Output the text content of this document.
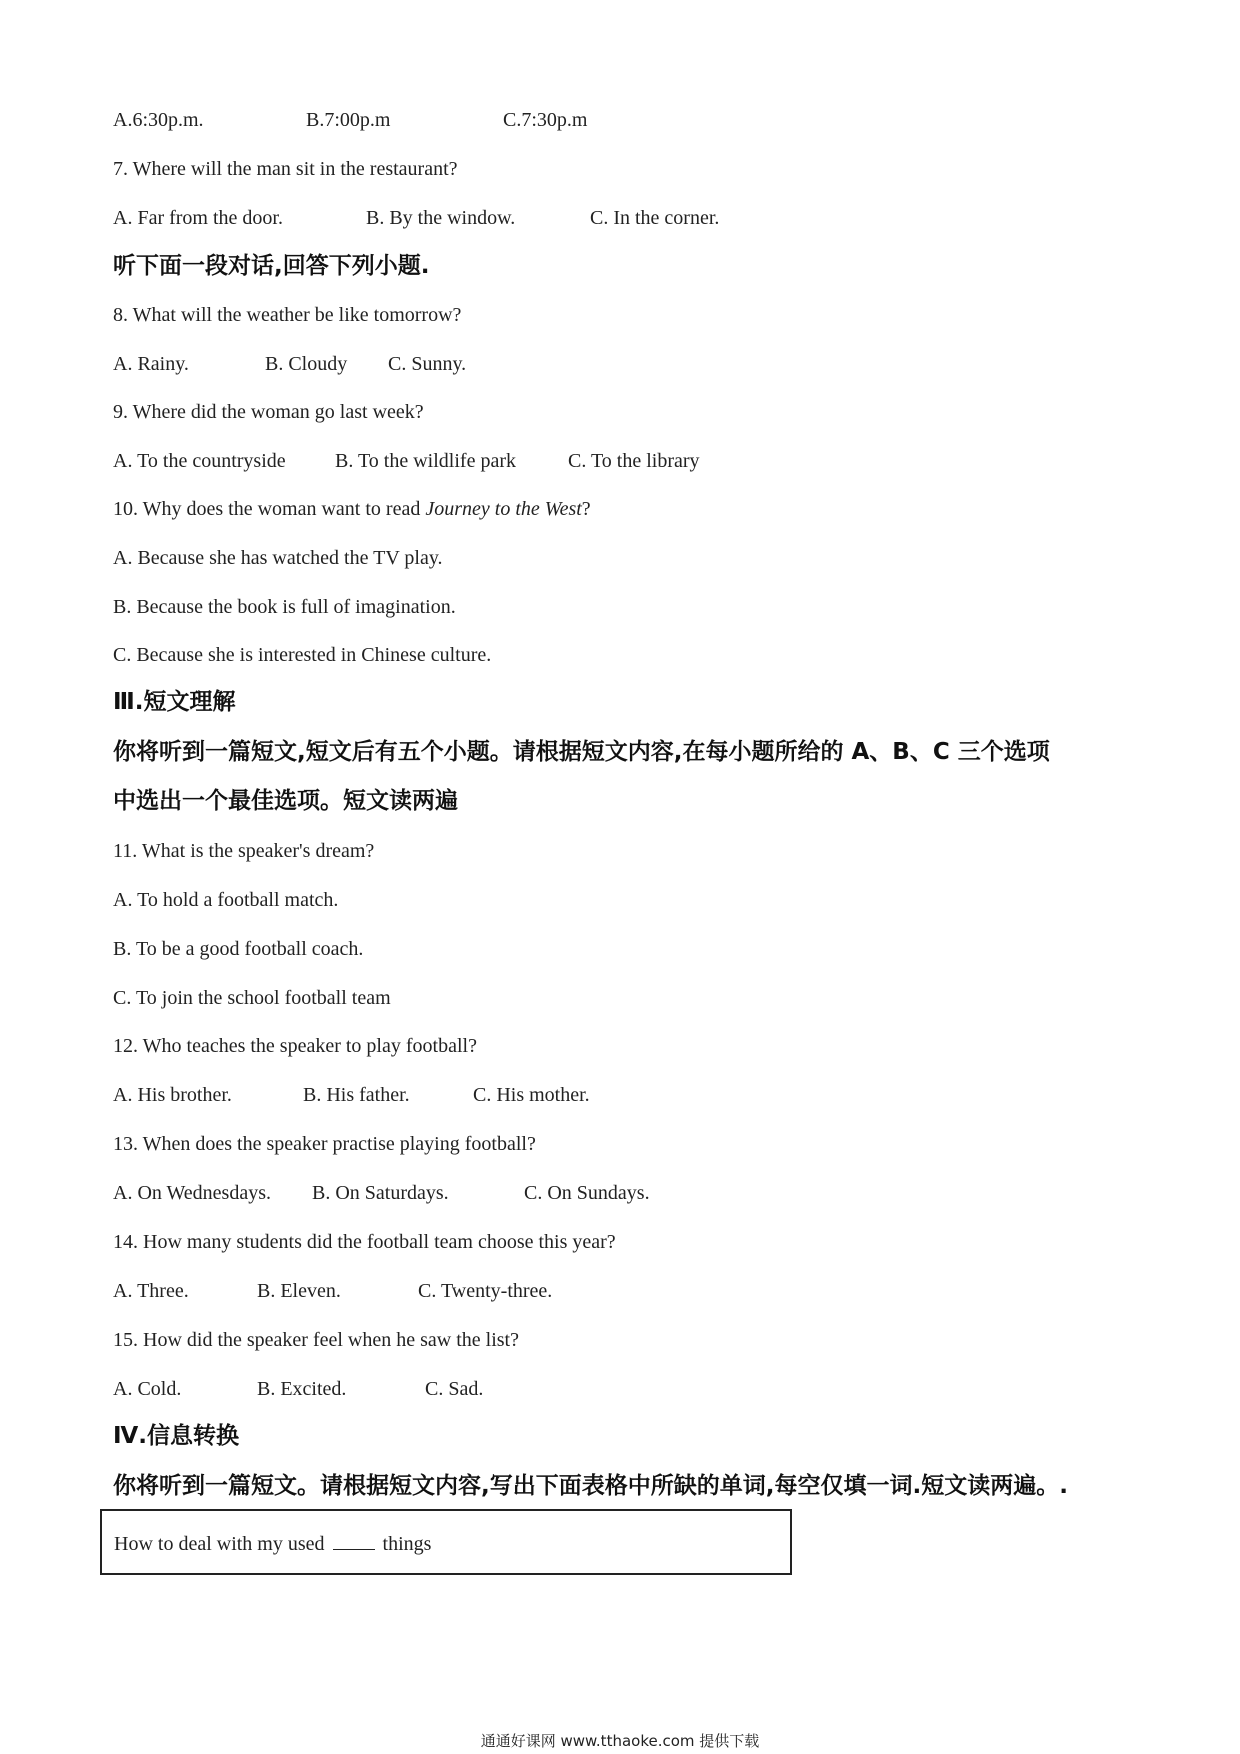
A.6:30p.m.	B.7:00p.m	C.7:30p.m
7. Where will the man sit in the restaurant?
A. Far from the door.	B. By the window.	C. In the corner.
听下面一段对话,回答下列小题.
8. What will the weather be like tomorrow?
A. Rainy.	B. Cloudy C. Sunny.
9. Where did the woman go last week?
A. To the countryside B. To the wildlife park	C. To the library
10. Why does the woman want to read Journey to the West?
A. Because she has watched the TV play.
B. Because the book is full of imagination.
C. Because she is interested in Chinese culture.
Ⅲ.短文理解
你将听到一篇短文,短文后有五个小题。请根据短文内容,在每小题所给的 A、B、C 三个选项
中选出一个最佳选项。短文读两遍
11. What is the speaker's dream?
A. To hold a football match.
B. To be a good football coach.
C. To join the school football team
12. Who teaches the speaker to play football?
A. His brother.	B. His father.	C. His mother.
13. When does the speaker practise playing football?
A. On Wednesdays. B. On Saturdays.	C. On Sundays.
14. How many students did the football team choose this year?
A. Three.	B. Eleven.	C. Twenty-three.
15. How did the speaker feel when he saw the list?
A. Cold.	B. Excited.	C. Sad.
Ⅳ.信息转换
你将听到一篇短文。请根据短文内容,写出下面表格中所缺的单词,每空仅填一词.短文读两遍。.
How to deal with my used	things
通通好课网 www.tthaoke.com 提供下载
